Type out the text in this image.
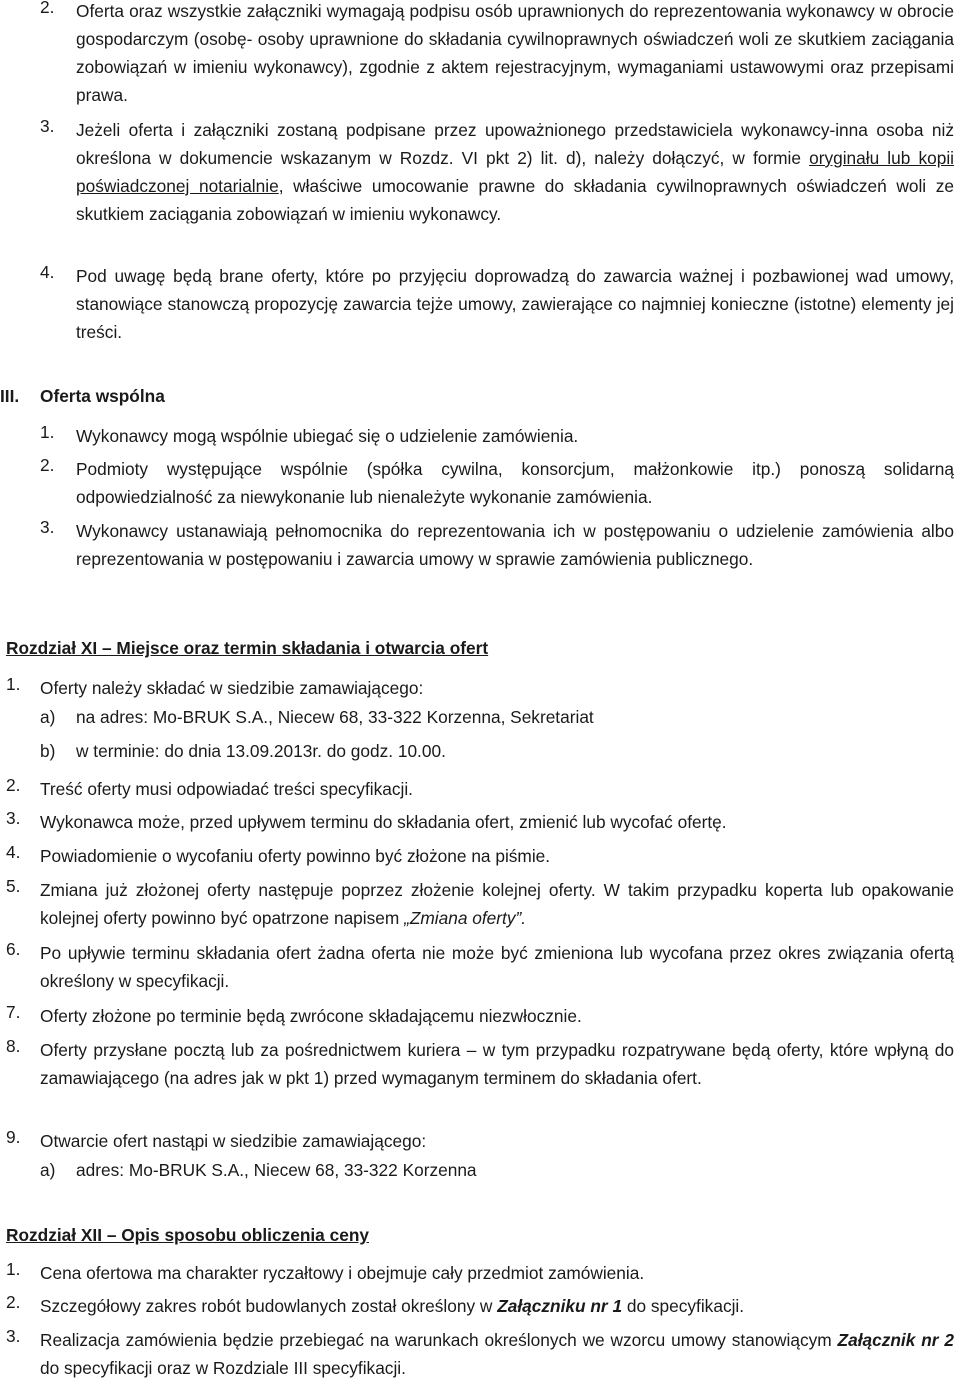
2. Oferta oraz wszystkie załączniki wymagają podpisu osób uprawnionych do reprezentowania wykonawcy w obrocie gospodarczym (osobę- osoby uprawnione do składania cywilnoprawnych oświadczeń woli ze skutkiem zaciągania zobowiązań w imieniu wykonawcy), zgodnie z aktem rejestracyjnym, wymaganiami ustawowymi oraz przepisami prawa.
3. Jeżeli oferta i załączniki zostaną podpisane przez upoważnionego przedstawiciela wykonawcy-inna osoba niż określona w dokumencie wskazanym w Rozdz. VI pkt 2) lit. d), należy dołączyć, w formie oryginału lub kopii poświadczonej notarialnie, właściwe umocowanie prawne do składania cywilnoprawnych oświadczeń woli ze skutkiem zaciągania zobowiązań w imieniu wykonawcy.
4. Pod uwagę będą brane oferty, które po przyjęciu doprowadzą do zawarcia ważnej i pozbawionej wad umowy, stanowiące stanowczą propozycję zawarcia tejże umowy, zawierające co najmniej konieczne (istotne) elementy jej treści.
III. Oferta wspólna
1. Wykonawcy mogą wspólnie ubiegać się o udzielenie zamówienia.
2. Podmioty występujące wspólnie (spółka cywilna, konsorcjum, małżonkowie itp.) ponoszą solidarną odpowiedzialność za niewykonanie lub nienależyte wykonanie zamówienia.
3. Wykonawcy ustanawiają pełnomocnika do reprezentowania ich w postępowaniu o udzielenie zamówienia albo reprezentowania w postępowaniu i zawarcia umowy w sprawie zamówienia publicznego.
Rozdział XI – Miejsce oraz termin składania i otwarcia ofert
1. Oferty należy składać w siedzibie zamawiającego:
a) na adres: Mo-BRUK S.A., Niecew 68, 33-322 Korzenna, Sekretariat
b) w terminie: do dnia 13.09.2013r. do godz. 10.00.
2. Treść oferty musi odpowiadać treści specyfikacji.
3. Wykonawca może, przed upływem terminu do składania ofert, zmienić lub wycofać ofertę.
4. Powiadomienie o wycofaniu oferty powinno być złożone na piśmie.
5. Zmiana już złożonej oferty następuje poprzez złożenie kolejnej oferty. W takim przypadku koperta lub opakowanie kolejnej oferty powinno być opatrzone napisem „Zmiana oferty”.
6. Po upływie terminu składania ofert żadna oferta nie może być zmieniona lub wycofana przez okres związania ofertą określony w specyfikacji.
7. Oferty złożone po terminie będą zwrócone składającemu niezwłocznie.
8. Oferty przysłane pocztą lub za pośrednictwem kuriera – w tym przypadku rozpatrywane będą oferty, które wpłyną do zamawiającego (na adres jak w pkt 1) przed wymaganym terminem do składania ofert.
9. Otwarcie ofert nastąpi w siedzibie zamawiającego:
a) adres: Mo-BRUK S.A., Niecew 68, 33-322 Korzenna
Rozdział XII – Opis sposobu obliczenia ceny
1. Cena ofertowa ma charakter ryczałtowy i obejmuje cały przedmiot zamówienia.
2. Szczegółowy zakres robót budowlanych został określony w Załączniku nr 1 do specyfikacji.
3. Realizacja zamówienia będzie przebiegać na warunkach określonych we wzorcu umowy stanowiącym Załącznik nr 2 do specyfikacji oraz w Rozdziale III specyfikacji.
